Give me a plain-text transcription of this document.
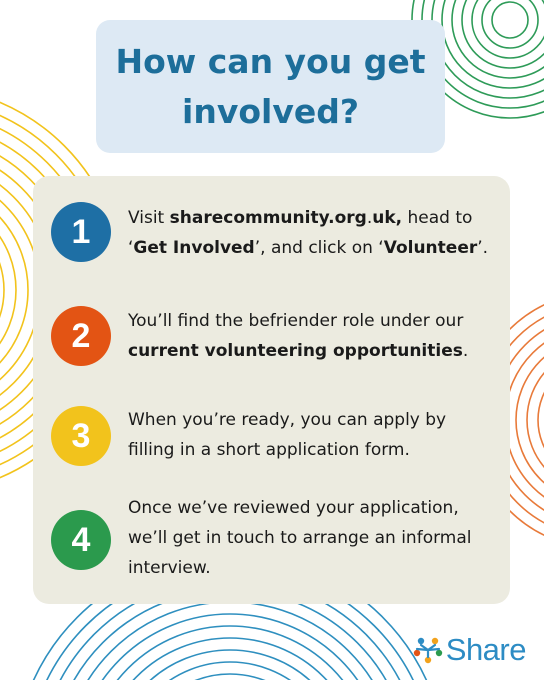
How can you get
involved?
1	Visit sharecommunity.org.uk, head to
‘Get Involved’, and click on ‘Volunteer’.
2	You’ll find the befriender role under our
current volunteering opportunities.
3	When you’re ready, you can apply by
filling in a short application form.
4
Once we’ve reviewed your application,
we’ll get in touch to arrange an informal
interview.
Share
